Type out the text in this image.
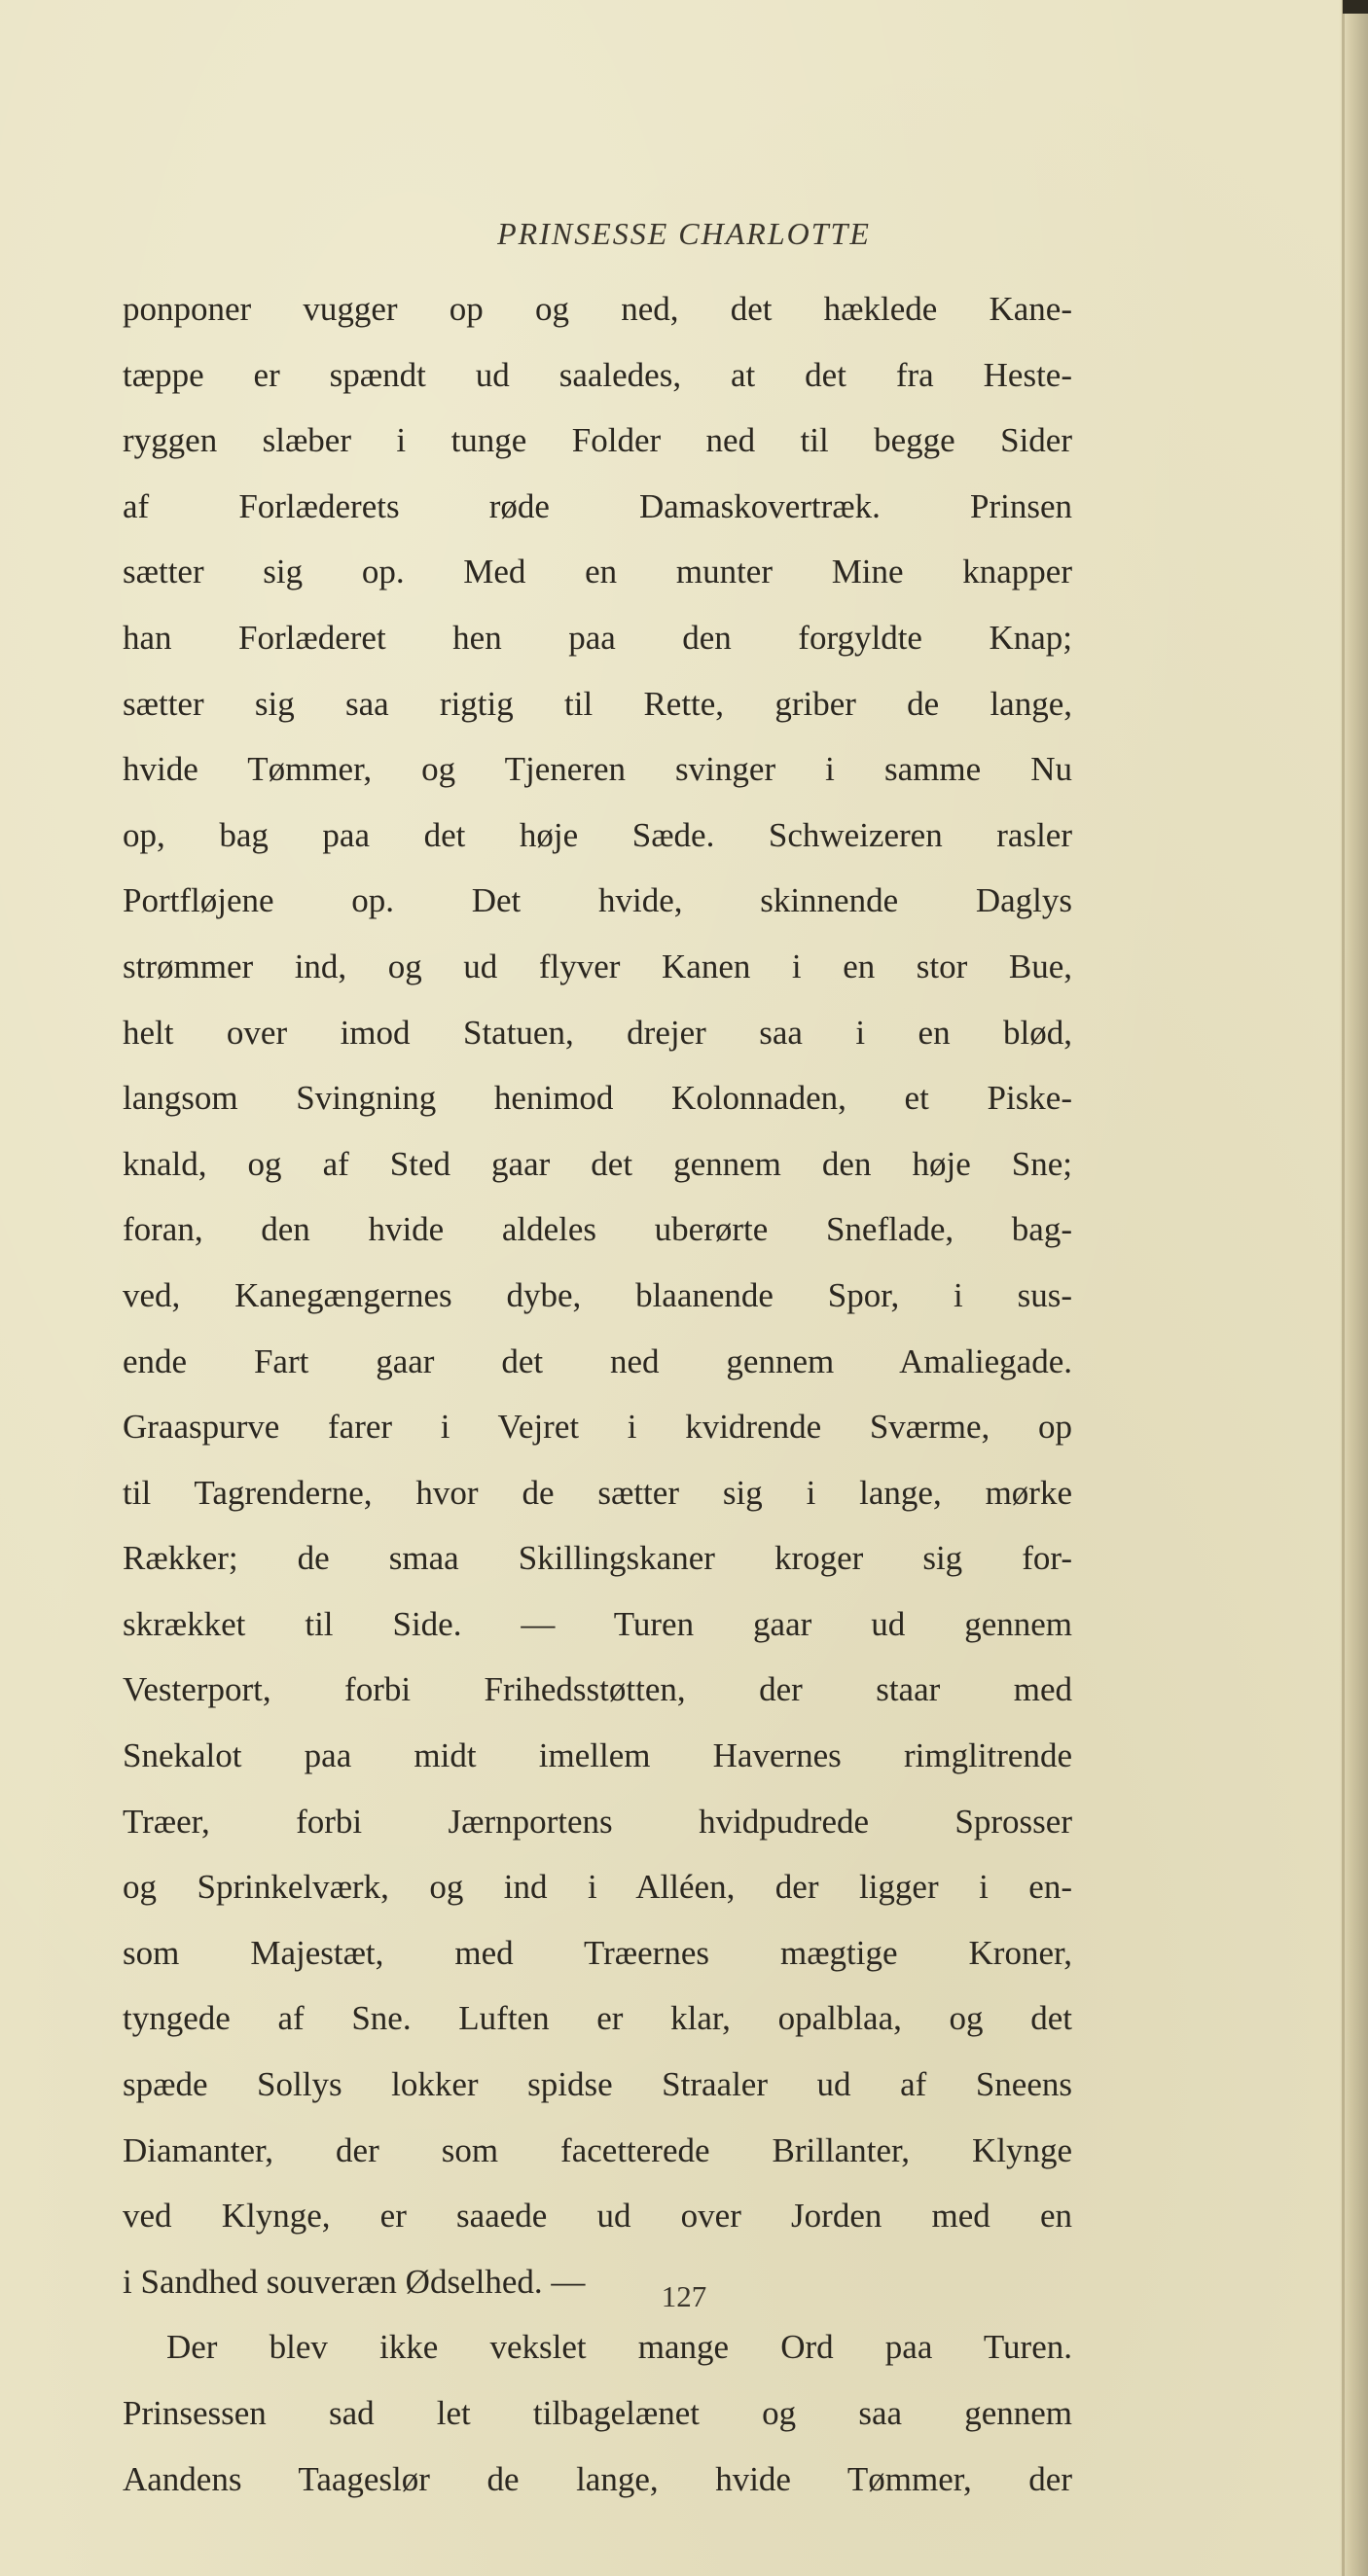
PRINSESSE CHARLOTTE
ponponer vugger op og ned, det hæklede Kane-
tæppe er spændt ud saaledes, at det fra Heste-
ryggen slæber i tunge Folder ned til begge Sider
af Forlæderets røde Damaskovertræk. Prinsen
sætter sig op. Med en munter Mine knapper
han Forlæderet hen paa den forgyldte Knap;
sætter sig saa rigtig til Rette, griber de lange,
hvide Tømmer, og Tjeneren svinger i samme Nu
op, bag paa det høje Sæde. Schweizeren rasler
Portfløjene op. Det hvide, skinnende Daglys
strømmer ind, og ud flyver Kanen i en stor Bue,
helt over imod Statuen, drejer saa i en blød,
langsom Svingning henimod Kolonnaden, et Piske-
knald, og af Sted gaar det gennem den høje Sne;
foran, den hvide aldeles uberørte Sneflade, bag-
ved, Kanegængernes dybe, blaanende Spor, i sus-
ende Fart gaar det ned gennem Amaliegade.
Graaspurve farer i Vejret i kvidrende Sværme, op
til Tagrenderne, hvor de sætter sig i lange, mørke
Rækker; de smaa Skillingskaner kroger sig for-
skrækket til Side. — Turen gaar ud gennem
Vesterport, forbi Frihedsstøtten, der staar med
Snekalot paa midt imellem Havernes rimglitrende
Træer, forbi Jærnportens hvidpudrede Sprosser
og Sprinkelværk, og ind i Alléen, der ligger i en-
som Majestæt, med Træernes mægtige Kroner,
tyngede af Sne. Luften er klar, opalblaa, og det
spæde Sollys lokker spidse Straaler ud af Sneens
Diamanter, der som facetterede Brillanter, Klynge
ved Klynge, er saaede ud over Jorden med en
i Sandhed souveræn Ødselhed. —
Der blev ikke vekslet mange Ord paa Turen.
Prinsessen sad let tilbagelænet og saa gennem
Aandens Taageslør de lange, hvide Tømmer, der
127
